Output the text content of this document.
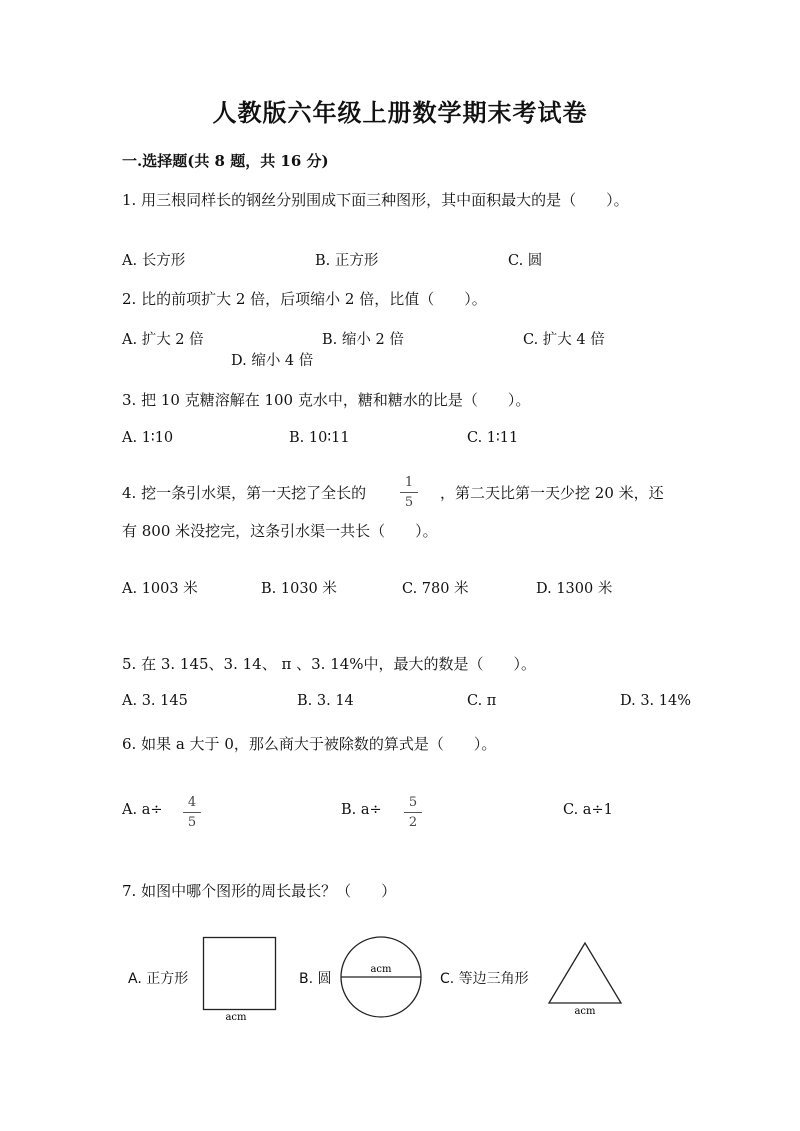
人教版六年级上册数学期末考试卷
一.选择题(共 8 题，共 16 分)
1. 用三根同样长的钢丝分别围成下面三种图形，其中面积最大的是（　　）。
A. 长方形	B. 正方形	C. 圆
2. 比的前项扩大 2 倍，后项缩小 2 倍，比值（　　）。
A. 扩大 2 倍	B. 缩小 2 倍	C. 扩大 4 倍
D. 缩小 4 倍
3. 把 10 克糖溶解在 100 克水中，糖和糖水的比是（　　）。
A. 1∶10	B. 10∶11	C. 1∶11
4. 挖一条引水渠，第一天挖了全长的
1
5
，第二天比第一天少挖 20 米，还
有 800 米没挖完，这条引水渠一共长（　　）。
A. 1003 米	B. 1030 米	C. 780 米	D. 1300 米
5. 在 3. 145、3. 14、 π 、3. 14%中，最大的数是（　　）。
A. 3. 145	B. 3. 14	C. π	D. 3. 14%
6. 如果 a 大于 0，那么商大于被除数的算式是（　　）。
A. a÷	4
5
B. a÷	5
2
C. a÷1
7. 如图中哪个图形的周长最长？（　　）
A. 正方形
acm
B. 圆
acm
C. 等边三角形
acm
